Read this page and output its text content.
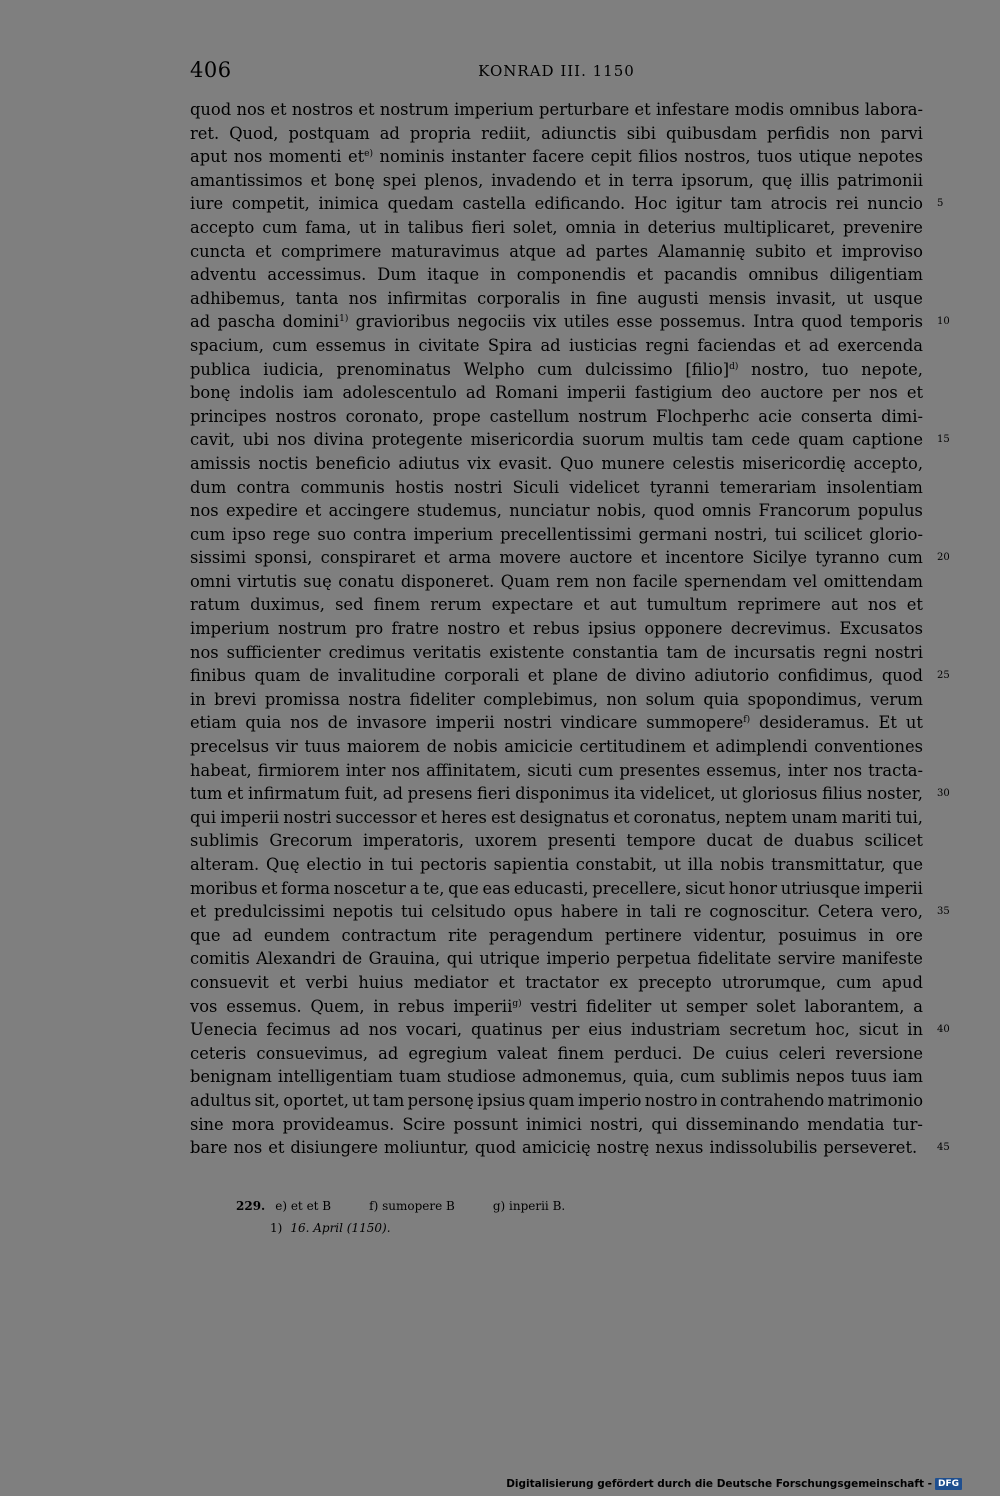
406	KONRAD III. 1150
quod nos et nostros et nostrum imperium perturbare et infestare modis omnibus labora-
ret. Quod, postquam ad propria rediit, adiunctis sibi quibusdam perfidis non parvi
aput nos momenti $et^{e)}$ nominis instanter facere cepit filios nostros, tuos utique nepotes
amantissimos et bonę spei plenos, invadendo et in terra ipsorum, quę illis patrimonii
iure competit, inimica quedam castella edificando. Hoc igitur tam atrocis rei nuncio 5
accepto cum fama, ut in talibus fieri solet, omnia in deterius multiplicaret, prevenire
cuncta et comprimere maturavimus atque ad partes Alamannię subito et improviso
adventu accessimus. Dum itaque in componendis et pacandis omnibus diligentiam
adhibemus, tanta nos infirmitas corporalis in fine augusti mensis invasit, ut usque
ad pascha domini$^{1)}$ gravioribus negociis vix utiles esse possemus. Intra quod temporis 10
spacium, cum essemus in civitate Spira ad iusticias regni faciendas et ad exercenda
publica iudicia, prenominatus Welpho cum dulcissimo [filio]$^{d)}$ nostro, tuo nepote,
bonę indolis iam adolescentulo ad Romani imperii fastigium deo auctore per nos et
principes nostros coronato, prope castellum nostrum Flochperhc acie conserta dimi-
cavit, ubi nos divina protegente misericordia suorum multis tam cede quam captione 15
amissis noctis beneficio adiutus vix evasit. Quo munere celestis misericordię accepto,
dum contra communis hostis nostri Siculi videlicet tyranni temerariam insolentiam
nos expedire et accingere studemus, nunciatur nobis, quod omnis Francorum populus
cum ipso rege suo contra imperium precellentissimi germani nostri, tui scilicet glorio-
sissimi sponsi, conspiraret et arma movere auctore et incentore Sicilye tyranno cum 20
omni virtutis suę conatu disponeret. Quam rem non facile spernendam vel omittendam
ratum duximus, sed finem rerum expectare et aut tumultum reprimere aut nos et
imperium nostrum pro fratre nostro et rebus ipsius opponere decrevimus. Excusatos
nos sufficienter credimus veritatis existente constantia tam de incursatis regni nostri
finibus quam de invalitudine corporali et plane de divino adiutorio confidimus, quod 25
in brevi promissa nostra fideliter complebimus, non solum quia spopondimus, verum
etiam quia nos de invasore imperii nostri vindicare summopere$^{f)}$ desideramus. Et ut
precelsus vir tuus maiorem de nobis amicicie certitudinem et adimplendi conventiones
habeat, firmiorem inter nos affinitatem, sicuti cum presentes essemus, inter nos tracta-
tum et infirmatum fuit, ad presens fieri disponimus ita videlicet, ut gloriosus filius noster, 30
qui imperii nostri successor et heres est designatus et coronatus, neptem unam mariti tui,
sublimis Grecorum imperatoris, uxorem presenti tempore ducat de duabus scilicet
alteram. Quę electio in tui pectoris sapientia constabit, ut illa nobis transmittatur, que
moribus et forma noscetur a te, que eas educasti, precellere, sicut honor utriusque imperii
et predulcissimi nepotis tui celsitudo opus habere in tali re cognoscitur. Cetera vero, 35
que ad eundem contractum rite peragendum pertinere videntur, posuimus in ore
comitis Alexandri de Grauina, qui utrique imperio perpetua fidelitate servire manifeste
consuevit et verbi huius mediator et tractator ex precepto utrorumque, cum apud
vos essemus. Quem, in rebus imperii$^{g)}$ vestri fideliter ut semper solet laborantem, a
Uenecia fecimus ad nos vocari, quatinus per eius industriam secretum hoc, sicut in 40
ceteris consuevimus, ad egregium valeat finem perduci. De cuius celeri reversione
benignam intelligentiam tuam studiose admonemus, quia, cum sublimis nepos tuus iam
adultus sit, oportet, ut tam personę ipsius quam imperio nostro in contrahendo matrimonio
sine mora provideamus. Scire possunt inimici nostri, qui disseminando mendatia tur-
bare nos et disiungere moliuntur, quod amicicię nostrę nexus indissolubilis perseveret. 45
229. e) et et B	f) sumopere B	g) inperii B.
1) 16. April (1150).
Digitalisierung gefördert durch die Deutsche Forschungsgemeinschaft - DFG
